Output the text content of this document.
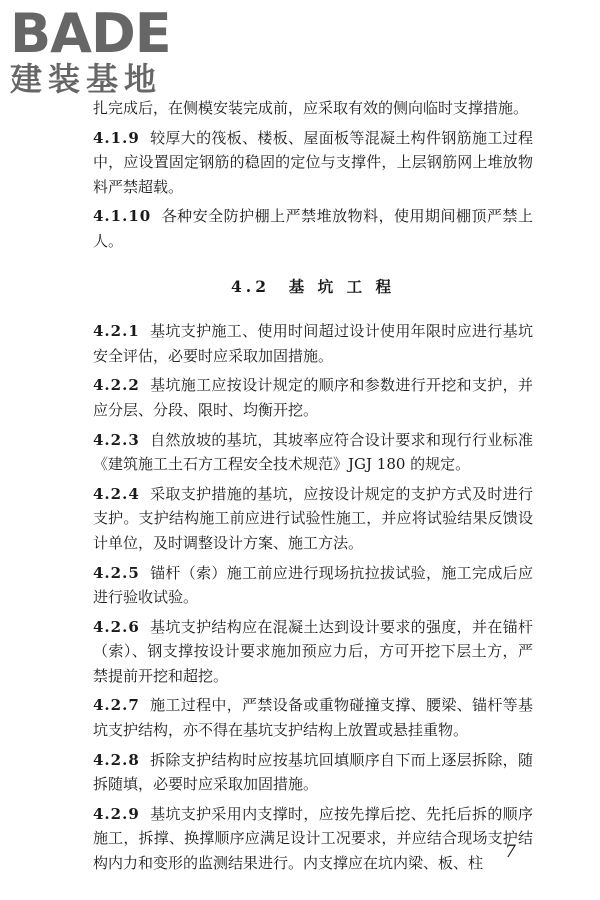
BADE
建装基地

扎完成后，在侧模安装完成前，应采取有效的侧向临时支撑措施。

4.1.9 较厚大的筏板、楼板、屋面板等混凝土构件钢筋施工过程中，应设置固定钢筋的稳固的定位与支撑件，上层钢筋网上堆放物料严禁超载。

4.1.10 各种安全防护棚上严禁堆放物料，使用期间棚顶严禁上人。

4.2 基 坑 工 程

4.2.1 基坑支护施工、使用时间超过设计使用年限时应进行基坑安全评估，必要时应采取加固措施。

4.2.2 基坑施工应按设计规定的顺序和参数进行开挖和支护，并应分层、分段、限时、均衡开挖。

4.2.3 自然放坡的基坑，其坡率应符合设计要求和现行行业标准《建筑施工土石方工程安全技术规范》JGJ 180 的规定。

4.2.4 采取支护措施的基坑，应按设计规定的支护方式及时进行支护。支护结构施工前应进行试验性施工，并应将试验结果反馈设计单位，及时调整设计方案、施工方法。

4.2.5 锚杆（索）施工前应进行现场抗拉拔试验，施工完成后应进行验收试验。

4.2.6 基坑支护结构应在混凝土达到设计要求的强度，并在锚杆（索）、钢支撑按设计要求施加预应力后，方可开挖下层土方，严禁提前开挖和超挖。

4.2.7 施工过程中，严禁设备或重物碰撞支撑、腰梁、锚杆等基坑支护结构，亦不得在基坑支护结构上放置或悬挂重物。

4.2.8 拆除支护结构时应按基坑回填顺序自下而上逐层拆除，随拆随填，必要时应采取加固措施。

4.2.9 基坑支护采用内支撑时，应按先撑后挖、先托后拆的顺序施工，拆撑、换撑顺序应满足设计工况要求，并应结合现场支护结构内力和变形的监测结果进行。内支撑应在坑内梁、板、柱

7
